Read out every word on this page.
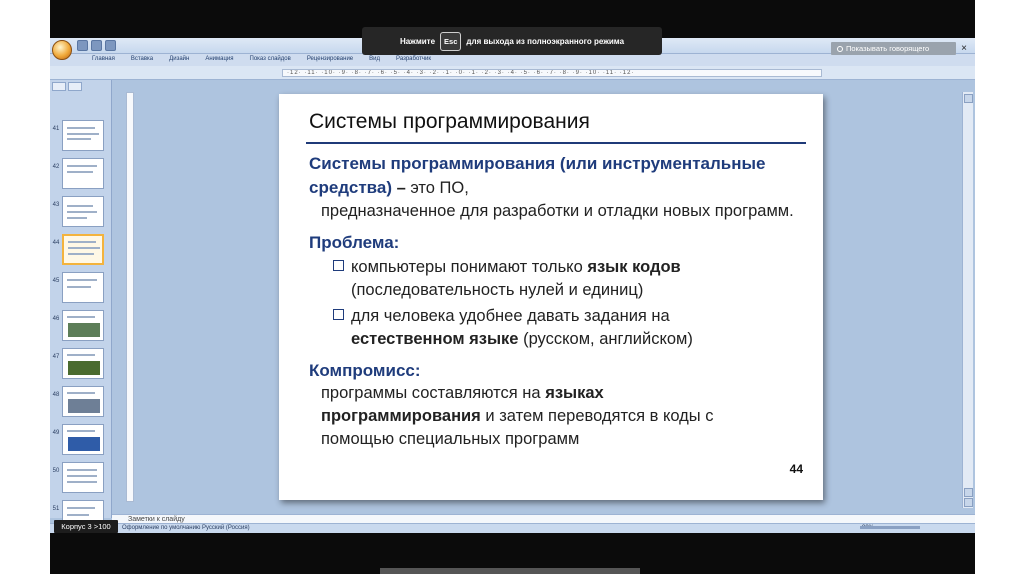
Главная	Вставка	Дизайн	Анимация	Показ слайдов	Рецензирование	Вид	Разработчик
·12· ·11· ·10· ·9· ·8· ·7· ·6· ·5· ·4· ·3· ·2· ·1· ·0· ·1· ·2· ·3· ·4· ·5· ·6· ·7· ·8· ·9· ·10· ·11· ·12·
41
42
43
44
45
46
47
48
49
50
51
Системы программирования
Системы программирования (или инструментальные средства) – это ПО,
предназначенное для разработки и отладки новых программ.
Проблема:
компьютеры понимают только язык кодов
(последовательность нулей и единиц)
для человека удобнее давать задания на
естественном языке (русском, английском)
Компромисс:
программы составляются на языках
программирования и затем переводятся в коды с
помощью специальных программ
44
Заметки к слайду
Оформление по умолчанию Русский (Россия)
Корпус 3 >100
Нажмите	Esc	для выхода из полноэкранного режима
Показывать говорящего	×
